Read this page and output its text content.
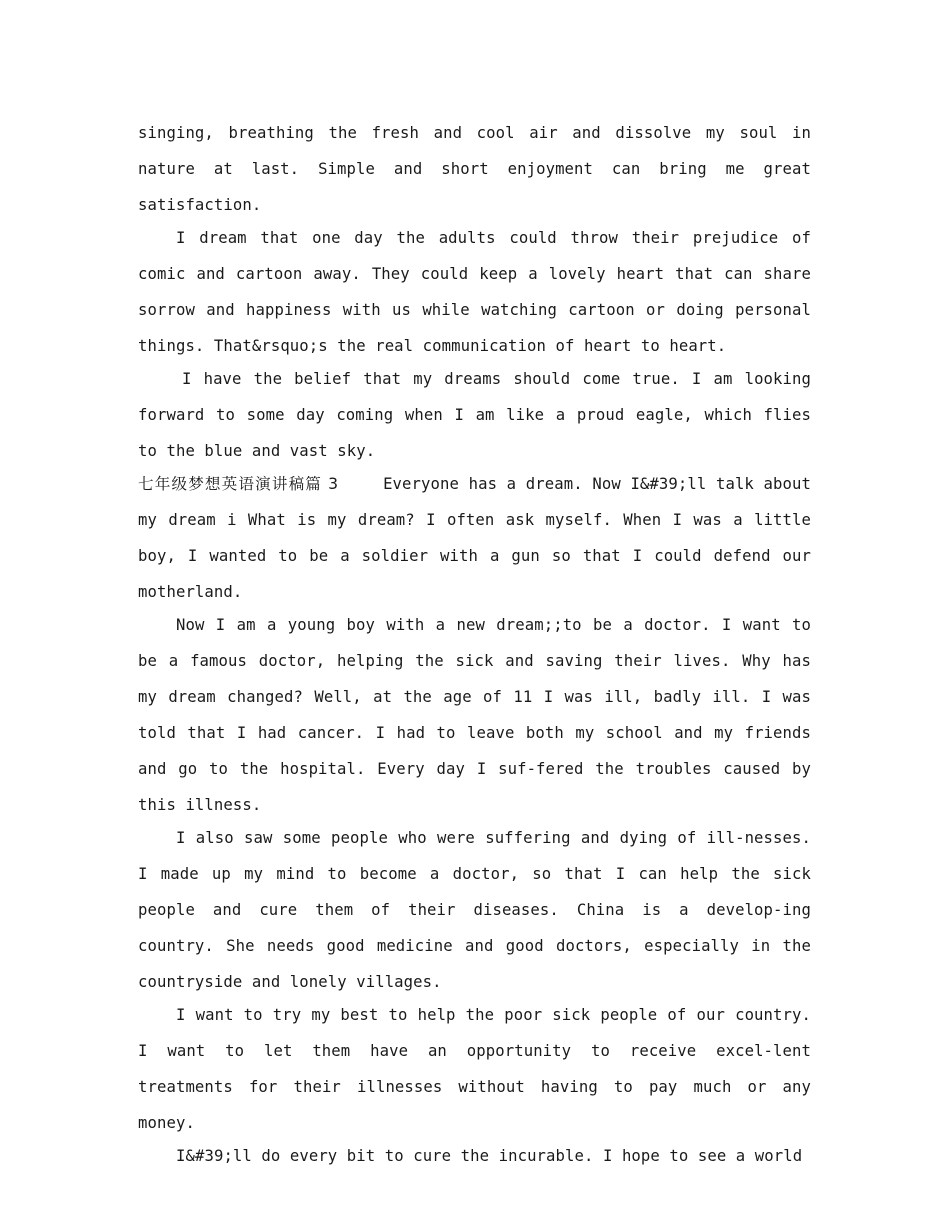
singing, breathing the fresh and cool air and dissolve my soul in nature at last. Simple and short enjoyment can bring me great satisfaction.

I dream that one day the adults could throw their prejudice of comic and cartoon away. They could keep a lovely heart that can share sorrow and happiness with us while watching cartoon or doing personal things. That&rsquo;s the real communication of heart to heart.

I have the belief that my dreams should come true. I am looking forward to some day coming when I am like a proud eagle, which flies to the blue and vast sky.

七年级梦想英语演讲稿篇 3	Everyone has a dream. Now I&#39;ll talk about my dream i What is my dream? I often ask myself. When I was a little boy, I wanted to be a soldier with a gun so that I could defend our motherland.

Now I am a young boy with a new dream;;to be a doctor. I want to be a famous doctor, helping the sick and saving their lives. Why has my dream changed? Well, at the age of 11 I was ill, badly ill. I was told that I had cancer. I had to leave both my school and my friends and go to the hospital. Every day I suf-fered the troubles caused by this illness.

I also saw some people who were suffering and dying of ill-nesses. I made up my mind to become a doctor, so that I can help the sick people and cure them of their diseases. China is a develop-ing country. She needs good medicine and good doctors, especially in the countryside and lonely villages.

I want to try my best to help the poor sick people of our country. I want to let them have an opportunity to receive excel-lent treatments for their illnesses without having to pay much or any money.

I&#39;ll do every bit to cure the incurable. I hope to see a world
